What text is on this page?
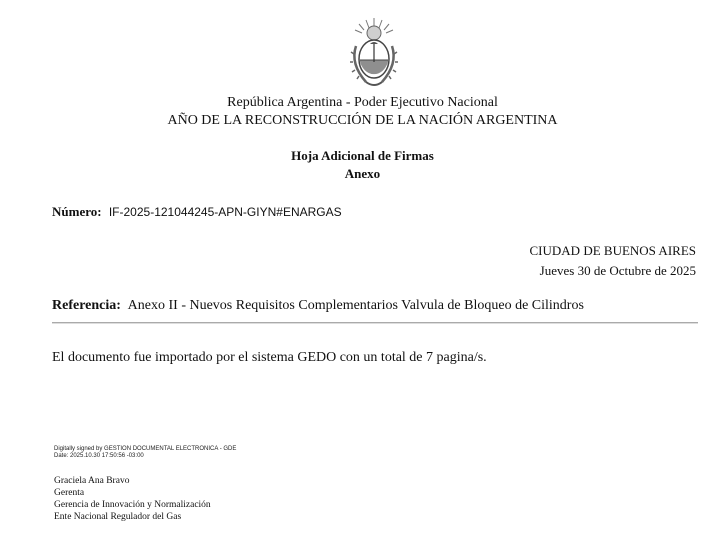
República Argentina - Poder Ejecutivo Nacional
AÑO DE LA RECONSTRUCCIÓN DE LA NACIÓN ARGENTINA
Hoja Adicional de Firmas
Anexo
Número: IF-2025-121044245-APN-GIYN#ENARGAS
CIUDAD DE BUENOS AIRES
Jueves 30 de Octubre de 2025
Referencia: Anexo II - Nuevos Requisitos Complementarios Valvula de Bloqueo de Cilindros
El documento fue importado por el sistema GEDO con un total de 7 pagina/s.
Digitally signed by GESTION DOCUMENTAL ELECTRONICA - GDE
Date: 2025.10.30 17:50:56 -03:00
Graciela Ana Bravo
Gerenta
Gerencia de Innovación y Normalización
Ente Nacional Regulador del Gas
